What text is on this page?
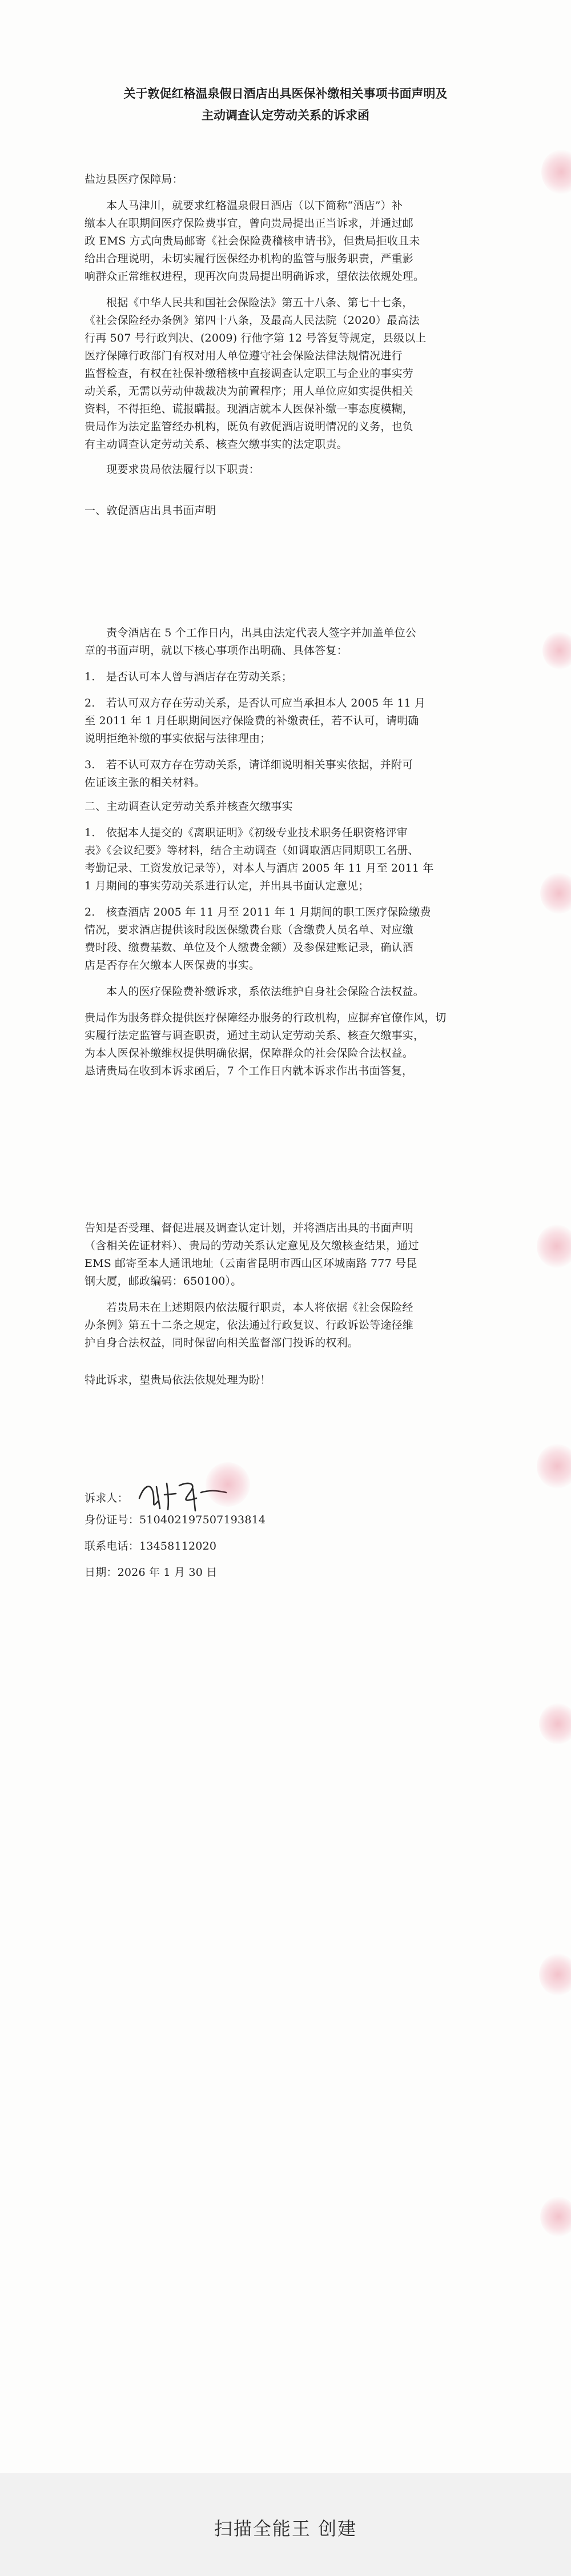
关于敦促红格温泉假日酒店出具医保补缴相关事项书面声明及
主动调查认定劳动关系的诉求函
盐边县医疗保障局：
本人马津川，就要求红格温泉假日酒店（以下简称“酒店”）补
缴本人在职期间医疗保险费事宜，曾向贵局提出正当诉求，并通过邮
政 EMS 方式向贵局邮寄《社会保险费稽核申请书》，但贵局拒收且未
给出合理说明，未切实履行医保经办机构的监管与服务职责，严重影
响群众正常维权进程，现再次向贵局提出明确诉求，望依法依规处理。
根据《中华人民共和国社会保险法》第五十八条、第七十七条，
《社会保险经办条例》第四十八条，及最高人民法院（2020）最高法
行再 507 号行政判决、(2009) 行他字第 12 号答复等规定，县级以上
医疗保障行政部门有权对用人单位遵守社会保险法律法规情况进行
监督检查，有权在社保补缴稽核中直接调查认定职工与企业的事实劳
动关系，无需以劳动仲裁裁决为前置程序；用人单位应如实提供相关
资料，不得拒绝、谎报瞒报。现酒店就本人医保补缴一事态度模糊，
贵局作为法定监管经办机构，既负有敦促酒店说明情况的义务，也负
有主动调查认定劳动关系、核查欠缴事实的法定职责。
现要求贵局依法履行以下职责：
一、敦促酒店出具书面声明
责令酒店在 5 个工作日内，出具由法定代表人签字并加盖单位公
章的书面声明，就以下核心事项作出明确、具体答复：
1.　是否认可本人曾与酒店存在劳动关系；
2.　若认可双方存在劳动关系，是否认可应当承担本人 2005 年 11 月
至 2011 年 1 月任职期间医疗保险费的补缴责任，若不认可，请明确
说明拒绝补缴的事实依据与法律理由；
3.　若不认可双方存在劳动关系，请详细说明相关事实依据，并附可
佐证该主张的相关材料。
二、主动调查认定劳动关系并核查欠缴事实
1.　依据本人提交的《离职证明》《初级专业技术职务任职资格评审
表》《会议纪要》等材料，结合主动调查（如调取酒店同期职工名册、
考勤记录、工资发放记录等），对本人与酒店 2005 年 11 月至 2011 年
1 月期间的事实劳动关系进行认定，并出具书面认定意见；
2.　核查酒店 2005 年 11 月至 2011 年 1 月期间的职工医疗保险缴费
情况，要求酒店提供该时段医保缴费台账（含缴费人员名单、对应缴
费时段、缴费基数、单位及个人缴费金额）及参保建账记录，确认酒
店是否存在欠缴本人医保费的事实。
本人的医疗保险费补缴诉求，系依法维护自身社会保险合法权益。
贵局作为服务群众提供医疗保障经办服务的行政机构，应摒弃官僚作风，切
实履行法定监管与调查职责，通过主动认定劳动关系、核查欠缴事实，
为本人医保补缴维权提供明确依据，保障群众的社会保险合法权益。
恳请贵局在收到本诉求函后，7 个工作日内就本诉求作出书面答复，
告知是否受理、督促进展及调查认定计划，并将酒店出具的书面声明
（含相关佐证材料）、贵局的劳动关系认定意见及欠缴核查结果，通过
EMS 邮寄至本人通讯地址（云南省昆明市西山区环城南路 777 号昆
钢大厦，邮政编码：650100）。
若贵局未在上述期限内依法履行职责，本人将依据《社会保险经
办条例》第五十二条之规定，依法通过行政复议、行政诉讼等途径维
护自身合法权益，同时保留向相关监督部门投诉的权利。
特此诉求，望贵局依法依规处理为盼！
诉求人：
身份证号：510402197507193814
联系电话：13458112020
日期：2026 年 1 月 30 日
扫描全能王 创建
